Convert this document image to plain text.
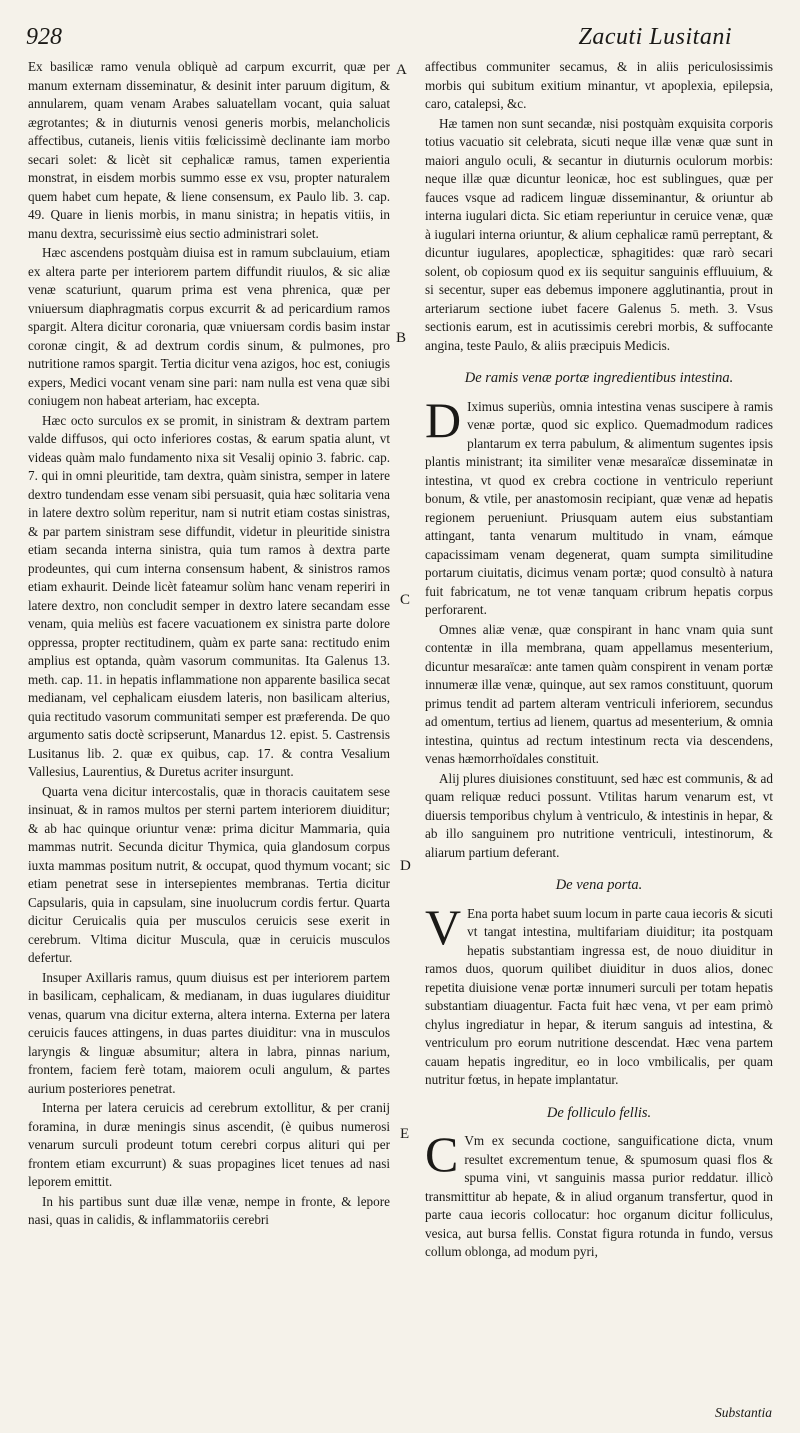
928	Zacuti Lusitani

Ex basilicæ ramo venula obliquè ad carpum excurrit, quæ per manum externam disseminatur, & desinit inter paruum digitum, & annularem, quam venam Arabes saluatellam vocant, quia saluat ægrotantes; & in diuturnis venosi generis morbis, melancholicis affectibus, cutaneis, lienis vitiis fœlicissimè declinante iam morbo secari solet: & licèt sit cephalicæ ramus, tamen experientia monstrat, in eisdem morbis summo esse ex vsu, propter naturalem quem habet cum hepate, & liene consensum, ex Paulo lib. 3. cap. 49. Quare in lienis morbis, in manu sinistra; in hepatis vitiis, in manu dextra, securissimè eius sectio administrari solet.

Hæc ascendens postquàm diuisa est in ramum subclauium, etiam ex altera parte per interiorem partem diffundit riuulos, & sic aliæ venæ scaturiunt, quarum prima est vena phrenica, quæ per vniuersum diaphragmatis corpus excurrit & ad pericardium ramos spargit. Altera dicitur coronaria, quæ vniuersam cordis basim instar coronæ cingit, & ad dextrum cordis sinum, & pulmones, pro nutritione ramos spargit. Tertia dicitur vena azigos, hoc est, coniugis expers, Medici vocant venam sine pari: nam nulla est vena quæ sibi coniugem non habeat arteriam, hac excepta.

Hæc octo surculos ex se promit, in sinistram & dextram partem valde diffusos, qui octo inferiores costas, & earum spatia alunt, vt videas quàm malo fundamento nixa sit Vesalij opinio 3. fabric. cap. 7. qui in omni pleuritide, tam dextra, quàm sinistra, semper in latere dextro tundendam esse venam sibi persuasit, quia hæc solitaria vena in latere dextro solùm reperitur, nam si nutrit etiam costas sinistras, & par partem sinistram sese diffundit, videtur in pleuritide sinistra etiam secanda interna sinistra, quia tum ramos à dextra parte prodeuntes, qui cum interna consensum habent, & sinistros ramos etiam exhaurit. Deinde licèt fateamur solùm hanc venam reperiri in latere dextro, non concludit semper in dextro latere secandam esse venam, quia meliùs est facere vacuationem ex sinistra parte dolore oppressa, propter rectitudinem, quàm ex parte sana: rectitudo enim amplius est optanda, quàm vasorum communitas. Ita Galenus 13. meth. cap. 11. in hepatis inflammatione non apparente basilica secat medianam, vel cephalicam eiusdem lateris, non basilicam alterius, quia rectitudo vasorum communitati semper est præferenda. De quo argumento satis doctè scripserunt, Manardus 12. epist. 5. Castrensis Lusitanus lib. 2. quæ ex quibus, cap. 17. & contra Vesalium Vallesius, Laurentius, & Duretus acriter insurgunt.

Quarta vena dicitur intercostalis, quæ in thoracis cauitatem sese insinuat, & in ramos multos per sterni partem interiorem diuiditur; & ab hac quinque oriuntur venæ: prima dicitur Mammaria, quia mammas nutrit. Secunda dicitur Thymica, quia glandosum corpus iuxta mammas positum nutrit, & occupat, quod thymum vocant; sic etiam penetrat sese in intersepientes membranas. Tertia dicitur Capsularis, quia in capsulam, sine inuolucrum cordis fertur. Quarta dicitur Ceruicalis quia per musculos ceruicis sese exerit in cerebrum. Vltima dicitur Muscula, quæ in ceruicis musculos defertur.

Insuper Axillaris ramus, quum diuisus est per interiorem partem in basilicam, cephalicam, & medianam, in duas iugulares diuiditur venas, quarum vna dicitur externa, altera interna. Externa per latera ceruicis fauces attingens, in duas partes diuiditur: vna in musculos laryngis & linguæ absumitur; altera in labra, pinnas narium, frontem, faciem ferè totam, maiorem oculi angulum, & partes aurium posteriores penetrat.

Interna per latera ceruicis ad cerebrum extollitur, & per cranij foramina, in duræ meningis sinus ascendit, (è quibus numerosi venarum surculi prodeunt totum cerebri corpus alituri qui per frontem etiam excurrunt) & suas propagines licet tenues ad nasi leporem emittit.

In his partibus sunt duæ illæ venæ, nempe in fronte, & lepore nasi, quas in calidis, & inflammatoriis cerebri

A
B
C
D
E

affectibus communiter secamus, & in aliis periculosissimis morbis qui subitum exitium minantur, vt apoplexia, epilepsia, caro, catalepsi, &c.

Hæ tamen non sunt secandæ, nisi postquàm exquisita corporis totius vacuatio sit celebrata, sicuti neque illæ venæ quæ sunt in maiori angulo oculi, & secantur in diuturnis oculorum morbis: neque illæ quæ dicuntur leonicæ, hoc est sublingues, quæ per fauces vsque ad radicem linguæ disseminantur, & oriuntur ab interna iugulari dicta. Sic etiam reperiuntur in ceruice venæ, quæ à iugulari interna oriuntur, & alium cephalicæ ramū perreptant, & dicuntur iugulares, apoplecticæ, sphagitides: quæ rarò secari solent, ob copiosum quod ex iis sequitur sanguinis effluuium, & si secentur, super eas debemus imponere agglutinantia, prout in arteriarum sectione iubet facere Galenus 5. meth. 3. Vsus sectionis earum, est in acutissimis cerebri morbis, & suffocante angina, teste Paulo, & aliis præcipuis Medicis.

De ramis venæ portæ ingredientibus intestina.

D Iximus superiùs, omnia intestina venas suscipere à ramis venæ portæ, quod sic explico. Quemadmodum radices plantarum ex terra pabulum, & alimentum sugentes ipsis plantis ministrant; ita similiter venæ mesaraïcæ disseminatæ in intestina, vt quod ex crebra coctione in ventriculo reperiunt bonum, & vtile, per anastomosin recipiant, quæ venæ ad hepatis regionem perueniunt. Priusquam autem eius substantiam attingant, tanta venarum multitudo in vnam, eámque capacissimam venam degenerat, quam sumpta similitudine portarum ciuitatis, dicimus venam portæ; quod consultò à natura fuit fabricatum, ne tot venæ tanquam cribrum hepatis corpus perforarent.

Omnes aliæ venæ, quæ conspirant in hanc vnam quia sunt contentæ in illa membrana, quam appellamus mesenterium, dicuntur mesaraïcæ: ante tamen quàm conspirent in venam portæ innumeræ illæ venæ, quinque, aut sex ramos constituunt, quorum primus tendit ad partem alteram ventriculi inferiorem, secundus ad omentum, tertius ad lienem, quartus ad mesenterium, & omnia intestina, quintus ad rectum intestinum recta via descendens, venas hæmorrhoïdales constituit.

Alij plures diuisiones constituunt, sed hæc est communis, & ad quam reliquæ reduci possunt. Vtilitas harum venarum est, vt diuersis temporibus chylum à ventriculo, & intestinis in hepar, & ab illo sanguinem pro nutritione ventriculi, intestinorum, & aliarum partium deferant.

De vena porta.

V Ena porta habet suum locum in parte caua iecoris & sicuti vt tangat intestina, multifariam diuiditur; ita postquam hepatis substantiam ingressa est, de nouo diuiditur in ramos duos, quorum quilibet diuiditur in duos alios, donec repetita diuisione venæ portæ innumeri surculi per totam hepatis substantiam diuagentur. Facta fuit hæc vena, vt per eam primò chylus ingrediatur in hepar, & iterum sanguis ad intestina, & ventriculum pro eorum nutritione descendat. Hæc vena partem cauam hepatis ingreditur, eo in loco vmbilicalis, per quam nutritur fœtus, in hepate implantatur.

De folliculo fellis.

C Vm ex secunda coctione, sanguificatione dicta, vnum resultet excrementum tenue, & spumosum quasi flos & spuma vini, vt sanguinis massa purior reddatur. illicò transmittitur ab hepate, & in aliud organum transfertur, quod in parte caua iecoris collocatur: hoc organum dicitur folliculus, vesica, aut bursa fellis. Constat figura rotunda in fundo, versus collum oblonga, ad modum pyri,

Substantia
